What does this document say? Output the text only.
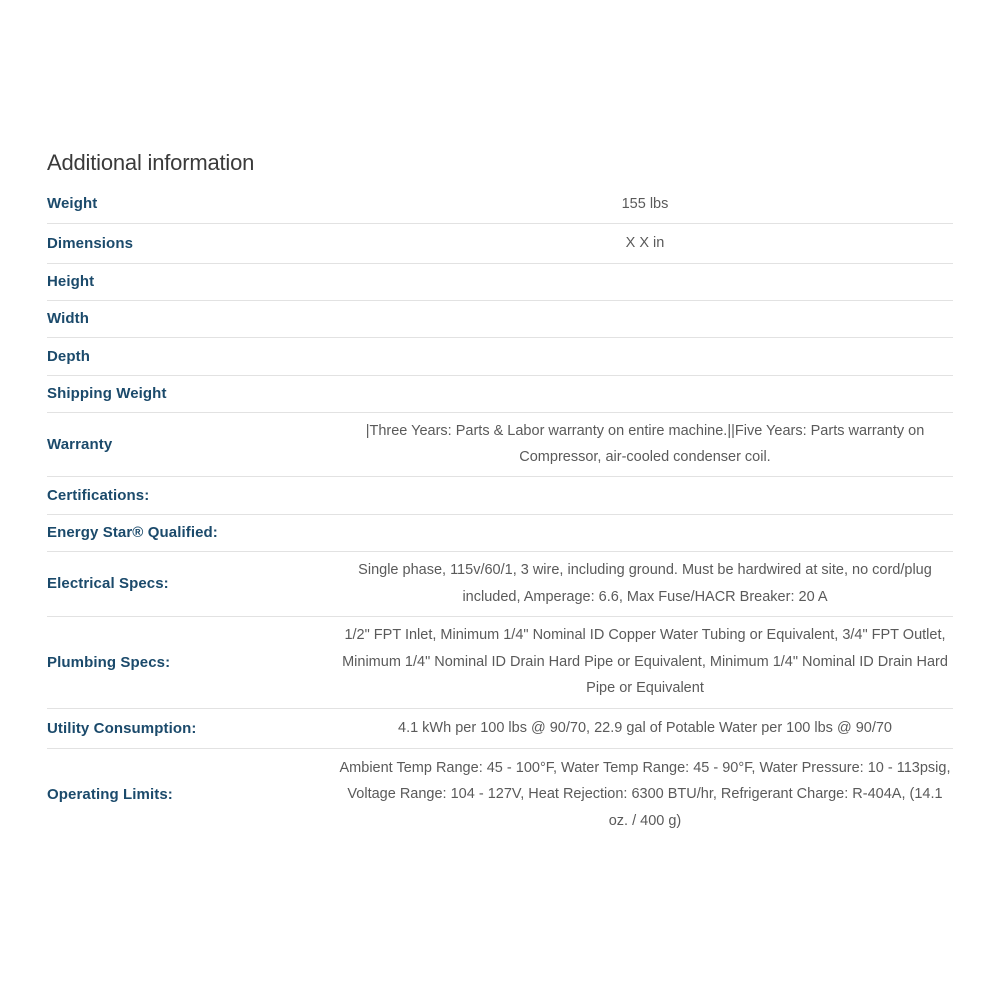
Additional information
Weight	155 lbs
Dimensions	X X in
Height	
Width	
Depth	
Shipping Weight	
Warranty	|Three Years: Parts & Labor warranty on entire machine.||Five Years: Parts warranty on Compressor, air-cooled condenser coil.
Certifications:	
Energy Star® Qualified:	
Electrical Specs:	Single phase, 115v/60/1, 3 wire, including ground. Must be hardwired at site, no cord/plug included, Amperage: 6.6, Max Fuse/HACR Breaker: 20 A
Plumbing Specs:	1/2" FPT Inlet, Minimum 1/4" Nominal ID Copper Water Tubing or Equivalent, 3/4" FPT Outlet, Minimum 1/4" Nominal ID Drain Hard Pipe or Equivalent, Minimum 1/4" Nominal ID Drain Hard Pipe or Equivalent
Utility Consumption:	4.1 kWh per 100 lbs @ 90/70, 22.9 gal of Potable Water per 100 lbs @ 90/70
Operating Limits:	Ambient Temp Range: 45 - 100°F, Water Temp Range: 45 - 90°F, Water Pressure: 10 - 113psig, Voltage Range: 104 - 127V, Heat Rejection: 6300 BTU/hr, Refrigerant Charge: R-404A, (14.1 oz. / 400 g)
